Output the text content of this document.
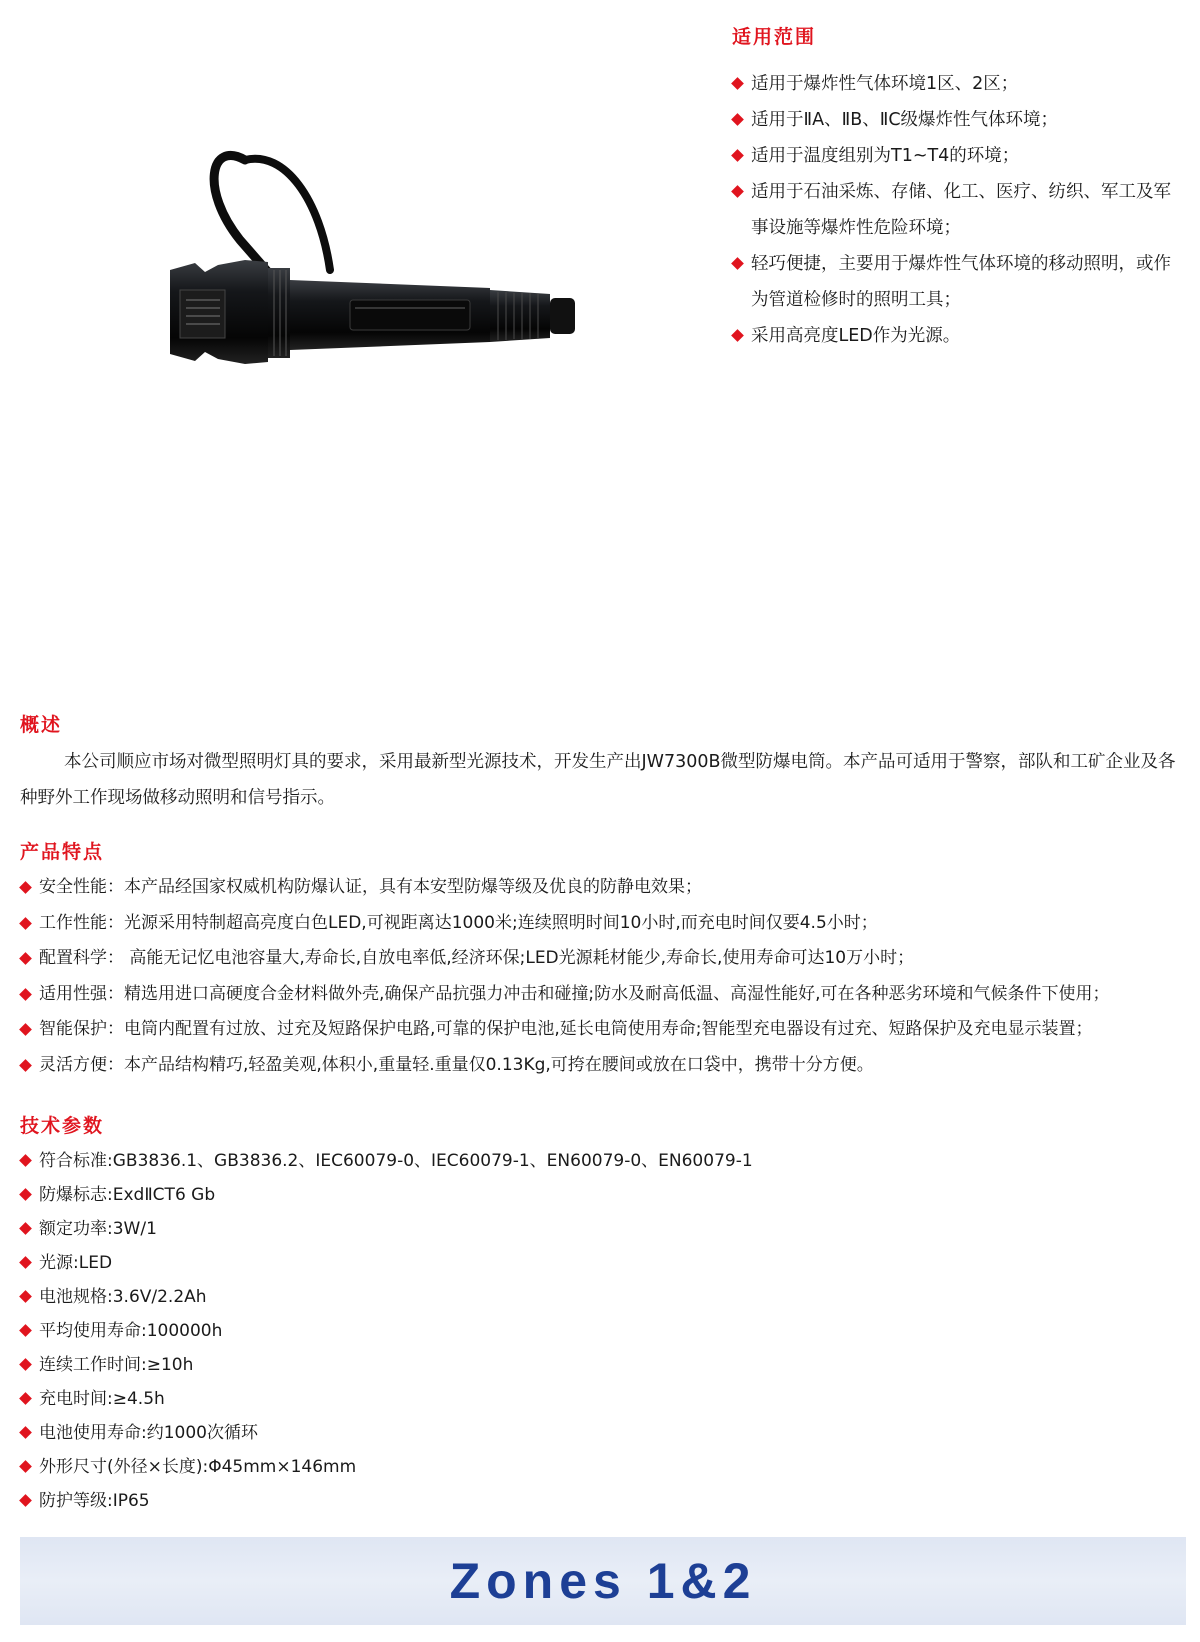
适用范围
适用于爆炸性气体环境1区、2区；
适用于ⅡA、ⅡB、ⅡC级爆炸性气体环境；
适用于温度组别为T1~T4的环境；
适用于石油采炼、存储、化工、医疗、纺织、军工及军事设施等爆炸性危险环境；
轻巧便捷，主要用于爆炸性气体环境的移动照明，或作为管道检修时的照明工具；
采用高亮度LED作为光源。
概述

本公司顺应市场对微型照明灯具的要求，采用最新型光源技术，开发生产出JW7300B微型防爆电筒。本产品可适用于警察，部队和工矿企业及各种野外工作现场做移动照明和信号指示。

产品特点
安全性能：本产品经国家权威机构防爆认证，具有本安型防爆等级及优良的防静电效果；
工作性能：光源采用特制超高亮度白色LED,可视距离达1000米;连续照明时间10小时,而充电时间仅要4.5小时；
配置科学： 高能无记忆电池容量大,寿命长,自放电率低,经济环保;LED光源耗材能少,寿命长,使用寿命可达10万小时；
适用性强：精选用进口高硬度合金材料做外壳,确保产品抗强力冲击和碰撞;防水及耐高低温、高湿性能好,可在各种恶劣环境和气候条件下使用；
智能保护：电筒内配置有过放、过充及短路保护电路,可靠的保护电池,延长电筒使用寿命;智能型充电器设有过充、短路保护及充电显示装置；
灵活方便：本产品结构精巧,轻盈美观,体积小,重量轻.重量仅0.13Kg,可挎在腰间或放在口袋中，携带十分方便。
技术参数
符合标准:GB3836.1、GB3836.2、IEC60079-0、IEC60079-1、EN60079-0、EN60079-1
防爆标志:ExdⅡCT6 Gb
额定功率:3W/1
光源:LED
电池规格:3.6V/2.2Ah
平均使用寿命:100000h
连续工作时间:≥10h
充电时间:≥4.5h
电池使用寿命:约1000次循环
外形尺寸(外径×长度):Φ45mm×146mm
防护等级:IP65
Zones 1&2
